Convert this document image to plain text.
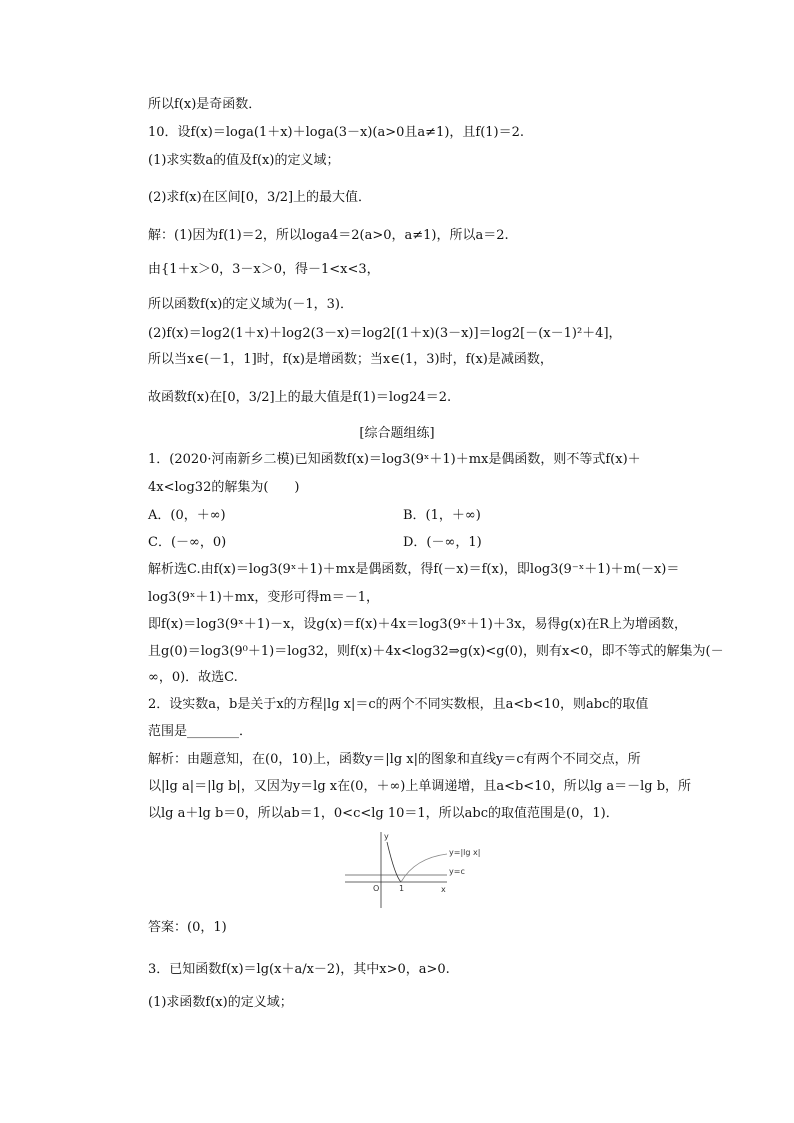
所以f(x)是奇函数．
10．设f(x)＝loga(1＋x)＋loga(3－x)(a>0且a≠1)，且f(1)＝2.
(1)求实数a的值及f(x)的定义域；
(2)求f(x)在区间[0，3/2]上的最大值．
解：(1)因为f(1)＝2，所以loga4＝2(a>0，a≠1)，所以a＝2.
由{1＋x＞0，3－x＞0，得－1<x<3，
所以函数f(x)的定义域为(－1，3)．
(2)f(x)＝log2(1＋x)＋log2(3－x)＝log2[(1＋x)(3－x)]＝log2[－(x－1)²＋4]，
所以当x∈(－1，1]时，f(x)是增函数；当x∈(1，3)时，f(x)是减函数，
故函数f(x)在[0，3/2]上的最大值是f(1)＝log24＝2.
[综合题组练]
1．(2020·河南新乡二模)已知函数f(x)＝log3(9ˣ＋1)＋mx是偶函数，则不等式f(x)＋
4x<log32的解集为(　　)
A．(0，＋∞)	B．(1，＋∞)
C．(－∞，0)	D．(－∞，1)
解析选C.由f(x)＝log3(9ˣ＋1)＋mx是偶函数，得f(－x)＝f(x)，即log3(9⁻ˣ＋1)＋m(－x)＝
log3(9ˣ＋1)＋mx，变形可得m＝－1，
即f(x)＝log3(9ˣ＋1)－x，设g(x)＝f(x)＋4x＝log3(9ˣ＋1)＋3x，易得g(x)在R上为增函数，
且g(0)＝log3(9⁰＋1)＝log32，则f(x)＋4x<log32⇒g(x)<g(0)，则有x<0，即不等式的解集为(－
∞，0)．故选C.
2．设实数a，b是关于x的方程|lg x|＝c的两个不同实数根，且a<b<10，则abc的取值
范围是________．
解析：由题意知，在(0，10)上，函数y＝|lg x|的图象和直线y＝c有两个不同交点，所
以|lg a|＝|lg b|，又因为y＝lg x在(0，＋∞)上单调递增，且a<b<10，所以lg a＝－lg b，所
以lg a＋lg b＝0，所以ab＝1，0<c<lg 10＝1，所以abc的取值范围是(0，1)．
y
x
O 1
y=|lg x|
y=c
答案：(0，1)
3．已知函数f(x)＝lg(x＋a/x－2)，其中x>0，a>0.
(1)求函数f(x)的定义域；
